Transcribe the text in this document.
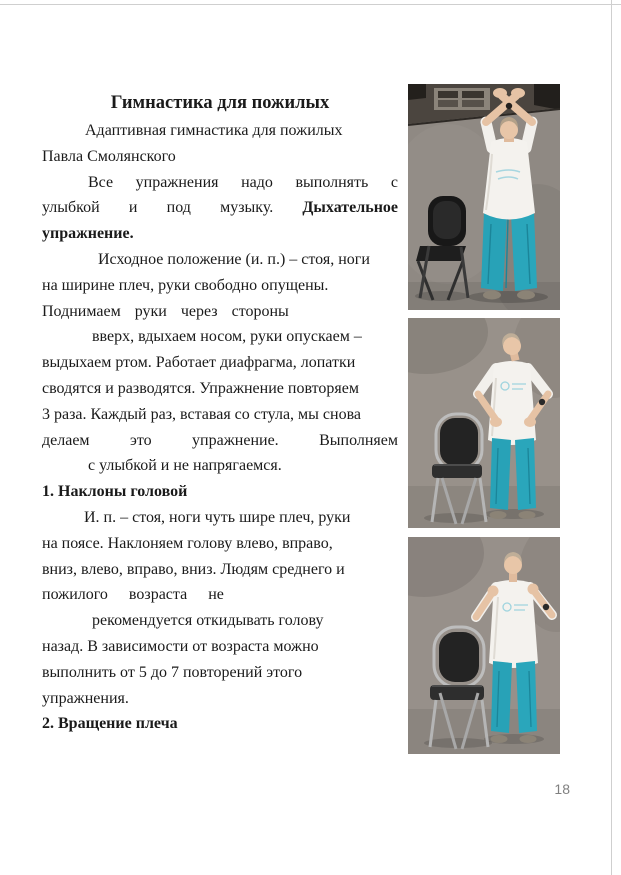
Гимнастика для пожилых
Адаптивная гимнастика для пожилых
Павла Смолянского
Все упражнения надо выполнять с
улыбкой и под музыку. Дыхательное
упражнение.
Исходное положение (и. п.) – стоя, ноги
на ширине плеч, руки свободно опущены.
Поднимаем руки через стороны
вверх, вдыхаем носом, руки опускаем –
выдыхаем ртом. Работает диафрагма, лопатки
сводятся и разводятся. Упражнение повторяем
3 раза. Каждый раз, вставая со стула, мы снова
делаем это упражнение. Выполняем
с улыбкой и не напрягаемся.
1. Наклоны головой
И. п. – стоя, ноги чуть шире плеч, руки
на поясе. Наклоняем голову влево, вправо,
вниз, влево, вправо, вниз. Людям среднего и
пожилого возраста не
рекомендуется откидывать голову
назад. В зависимости от возраста можно
выполнить от 5 до 7 повторений этого
упражнения.
2. Вращение плеча
18
